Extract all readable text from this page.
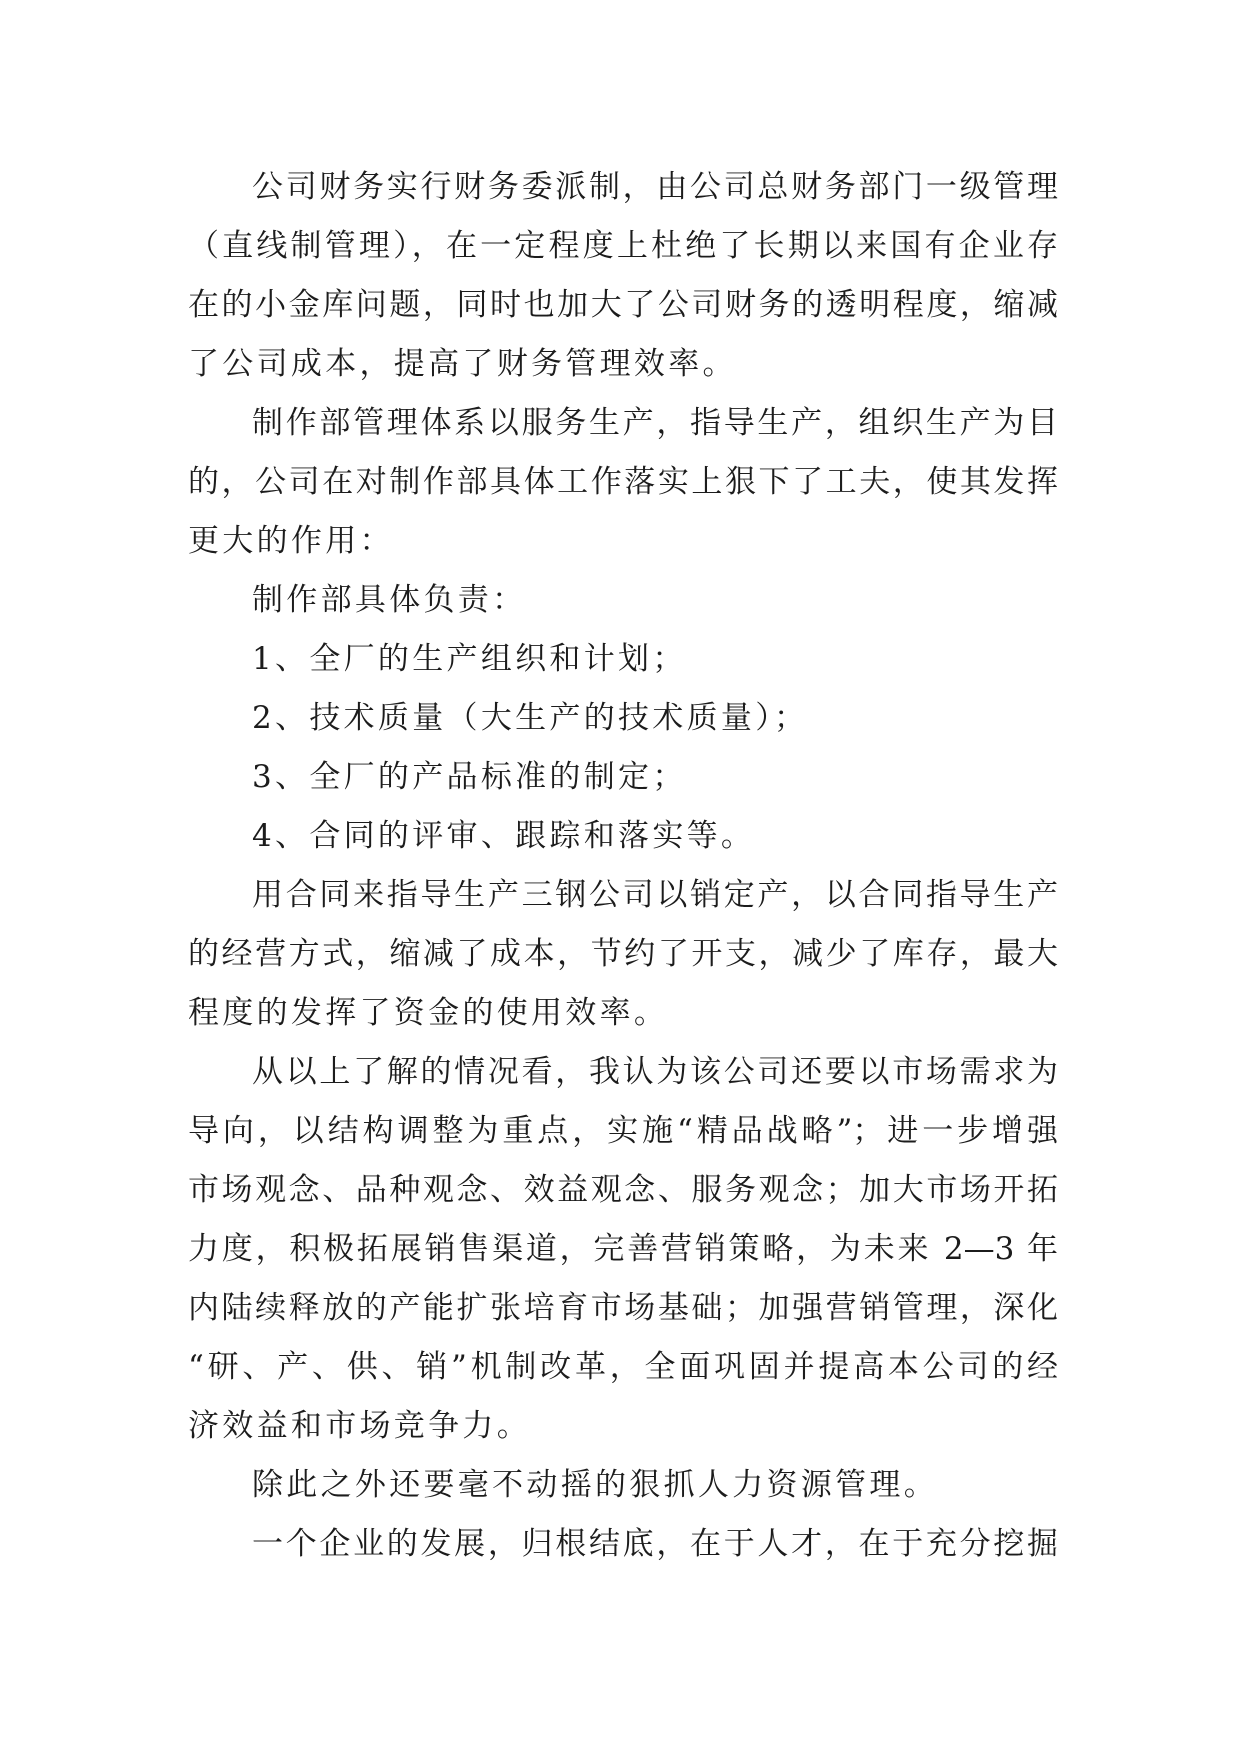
公司财务实行财务委派制，由公司总财务部门一级管理
（直线制管理），在一定程度上杜绝了长期以来国有企业存
在的小金库问题，同时也加大了公司财务的透明程度，缩减
了公司成本，提高了财务管理效率。
制作部管理体系以服务生产，指导生产，组织生产为目
的，公司在对制作部具体工作落实上狠下了工夫，使其发挥
更大的作用：
制作部具体负责：
1、全厂的生产组织和计划；
2、技术质量（大生产的技术质量）；
3、全厂的产品标准的制定；
4、合同的评审、跟踪和落实等。
用合同来指导生产三钢公司以销定产，以合同指导生产
的经营方式，缩减了成本，节约了开支，减少了库存，最大
程度的发挥了资金的使用效率。
从以上了解的情况看，我认为该公司还要以市场需求为
导向，以结构调整为重点，实施“精品战略”；进一步增强
市场观念、品种观念、效益观念、服务观念；加大市场开拓
力度，积极拓展销售渠道，完善营销策略，为未来 2—3 年
内陆续释放的产能扩张培育市场基础；加强营销管理，深化
“研、产、供、销”机制改革，全面巩固并提高本公司的经
济效益和市场竞争力。
除此之外还要毫不动摇的狠抓人力资源管理。
一个企业的发展，归根结底，在于人才，在于充分挖掘
